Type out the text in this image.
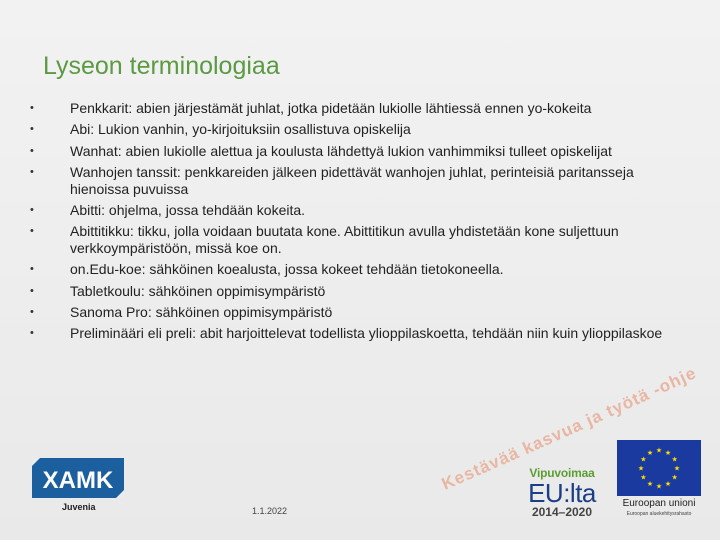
Lyseon terminologiaa
• Penkkarit: abien järjestämät juhlat, jotka pidetään lukiolle lähtiessä ennen yo-kokeita
• Abi: Lukion vanhin, yo-kirjoituksiin osallistuva opiskelija
• Wanhat: abien lukiolle alettua ja koulusta lähdettyä lukion vanhimmiksi tulleet opiskelijat
• Wanhojen tanssit: penkkareiden jälkeen pidettävät wanhojen juhlat, perinteisiä paritansseja hienoissa puvuissa
• Abitti: ohjelma, jossa tehdään kokeita.
• Abittitikku: tikku, jolla voidaan buutata kone. Abittitikun avulla yhdistetään kone suljettuun verkkoympäristöön, missä koe on.
• on.Edu-koe: sähköinen koealusta, jossa kokeet tehdään tietokoneella.
• Tabletkoulu: sähköinen oppimisympäristö
• Sanoma Pro: sähköinen oppimisympäristö
• Preliminääri eli preli: abit harjoittelevat todellista ylioppilaskoetta, tehdään niin kuin ylioppilaskoe
Kestävää kasvua ja työtä -ohjelma
XAMK
Juvenia	1.1.2022
Vipuvoimaa
EU:lta
2014–2020
★ ★
★
★
★
★
★
★
★
★
★
★
Euroopan unioni
Euroopan aluekehitysrahasto
